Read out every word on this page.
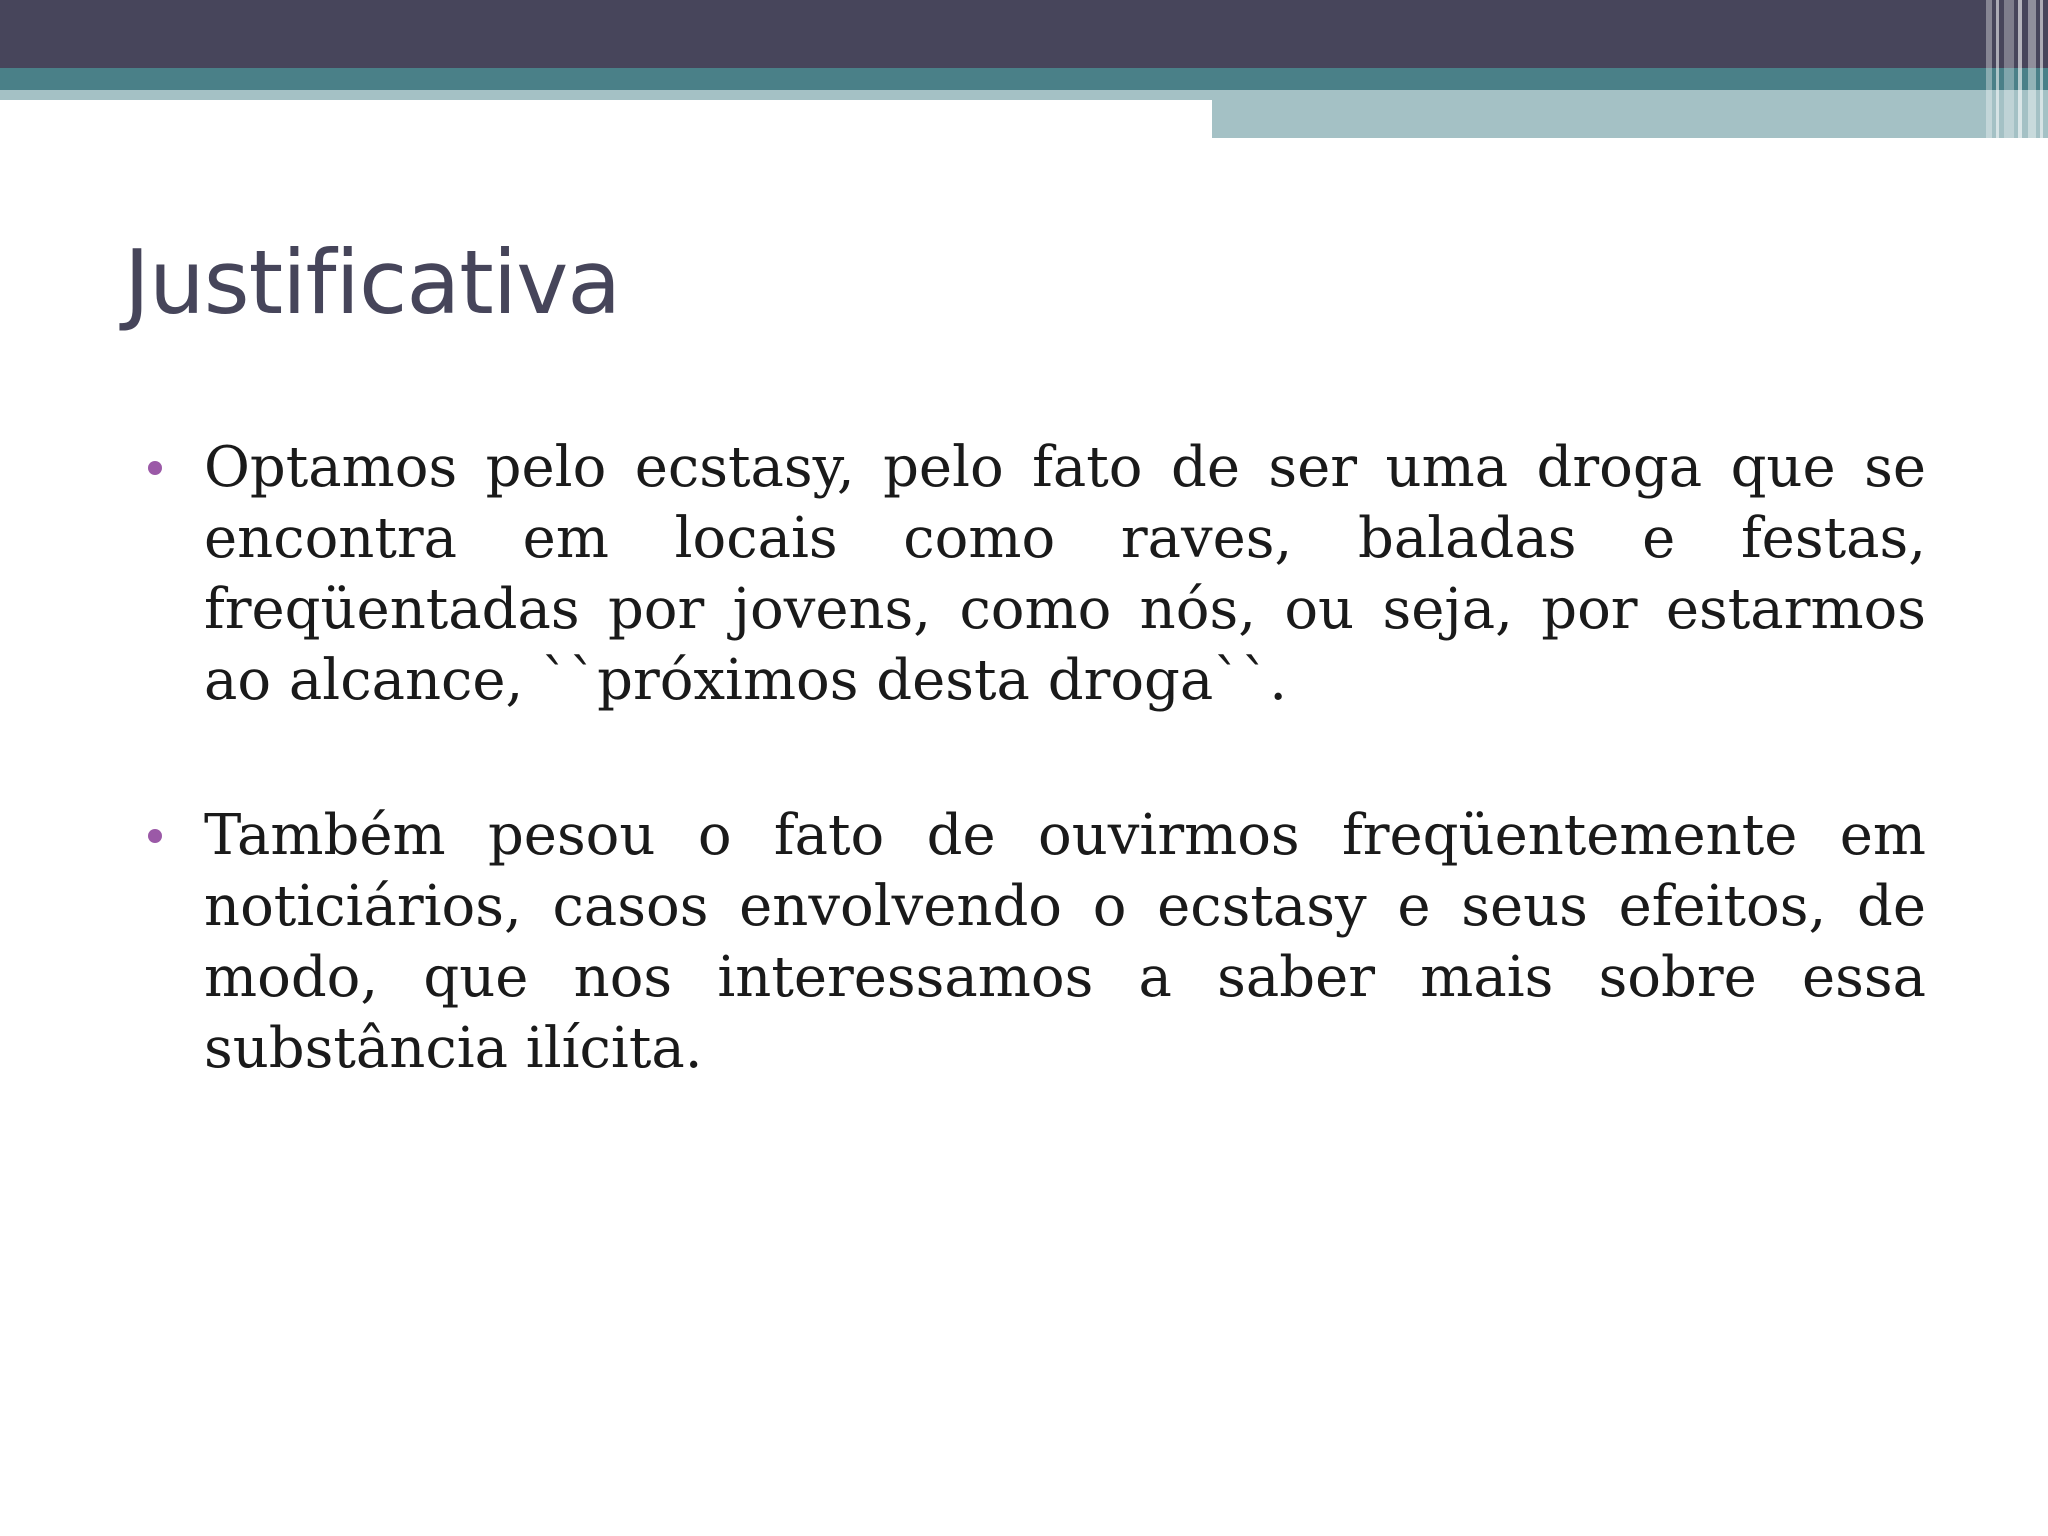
Justificativa
Optamos pelo ecstasy, pelo fato de ser uma droga que se encontra em locais como raves, baladas e festas, freqüentadas por jovens, como nós, ou seja, por estarmos ao alcance, ``próximos desta droga``.
Também pesou o fato de ouvirmos freqüentemente em noticiários, casos envolvendo o ecstasy e seus efeitos, de modo, que nos interessamos a saber mais sobre essa substância ilícita.
